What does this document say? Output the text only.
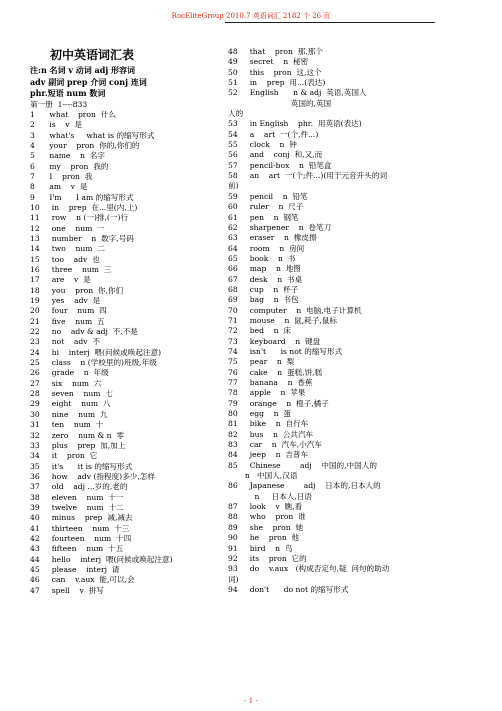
RocEliteGroup 2010.7 英语词汇 2182 个 26 页
初中英语词汇表
注:n 名词 v 动词 adj 形容词
adv 副词 prep 介词 conj 连词
phr.短语 num 数词
第一册  1----833
1      what    pron  什么
2      is    v  是
3      what's     what is 的缩写形式
4      your    pron  你的,你们的
5      name    n  名字
6      my    pron  我的
7      I    pron  我
8      am    v  是
9      I'm      I am 的缩写形式
10     in    prep  在...里(内,上)
11     row    n (一)排,(一)行
12     one    num  一
13     number    n  数字,号码
14     two    num  二
15     too    adv  也
16     three    num  三
17     are    v  是
18     you    pron  你,你们
19     yes    adv  是
20     four    num  四
21     five    num  五
22     no    adv & adj  不,不是
23     not    adv  不
24     hi    interj  喂(问候或唤起注意)
25     class    n (学校里的)班级,年级
26     grade    n  年级
27     six    num  六
28     seven    num  七
29     eight    num  八
30     nine    num  九
31     ten    num  十
32     zero    num & n  零
33     plus    prep  加,加上
34     it    pron  它
35     it's      it is 的缩写形式
36     how    adv (指程度)多少,怎样
37     old    adj ...岁的,老的
38     eleven    num  十一
39     twelve    num  十二
40     minus    prep  减,减去
41     thirteen    num  十三
42     fourteen    num  十四
43     fifteen    num  十五
44     hello    interj  喂(问候或唤起注意)
45     please    interj  请
46     can    v.aux  能,可以,会
47     spell    v  拼写
48     that    pron  那,那个
49     secret    n  秘密
50     this    pron  这,这个
51     in    prep  用...(表达)
52     English      n & adj  英语,英国人
英国的,英国
人的
53     in English    phr.  用英语(表达)
54     a    art  一(个,件...)
55     clock    n  钟
56     and    conj  和,又,而
57     pencil-box    n  铅笔盒
58     an    art  一(个;件...)(用于元音开头的词
前)
59     pencil    n  铅笔
60     ruler    n  尺子
61     pen    n  钢笔
62     sharpener    n  卷笔刀
63     eraser    n  橡皮擦
64     room    n  房间
65     book    n  书
66     map    n  地图
67     desk    n  书桌
68     cup    n  杯子
69     bag    n  书包
70     computer    n  电脑,电子计算机
71     mouse    n  鼠,耗子,鼠标
72     bed    n  床
73     keyboard    n  键盘
74     isn't      is not 的缩写形式
75     pear    n  梨
76     cake    n  蛋糕,饼,糕
77     banana    n  香蕉
78     apple    n  苹果
79     orange    n  橙子,橘子
80     egg    n  蛋
81     bike    n  自行车
82     bus    n  公共汽车
83     car    n  汽车,小汽车
84     jeep    n  吉普车
85     Chinese        adj    中国的,中国人的
n   中国人,汉语
86     Japanese        adj    日本的,日本人的
n     日本人,日语
87     look    v  瞧,看
88     who    pron  谁
89     she    pron  她
90     he    pron  他
91     bird    n  鸟
92     its    pron  它的
93     do    v.aux   (构成否定句,疑  问句的助动
词)
94     don't      do not 的缩写形式
- 1 -
